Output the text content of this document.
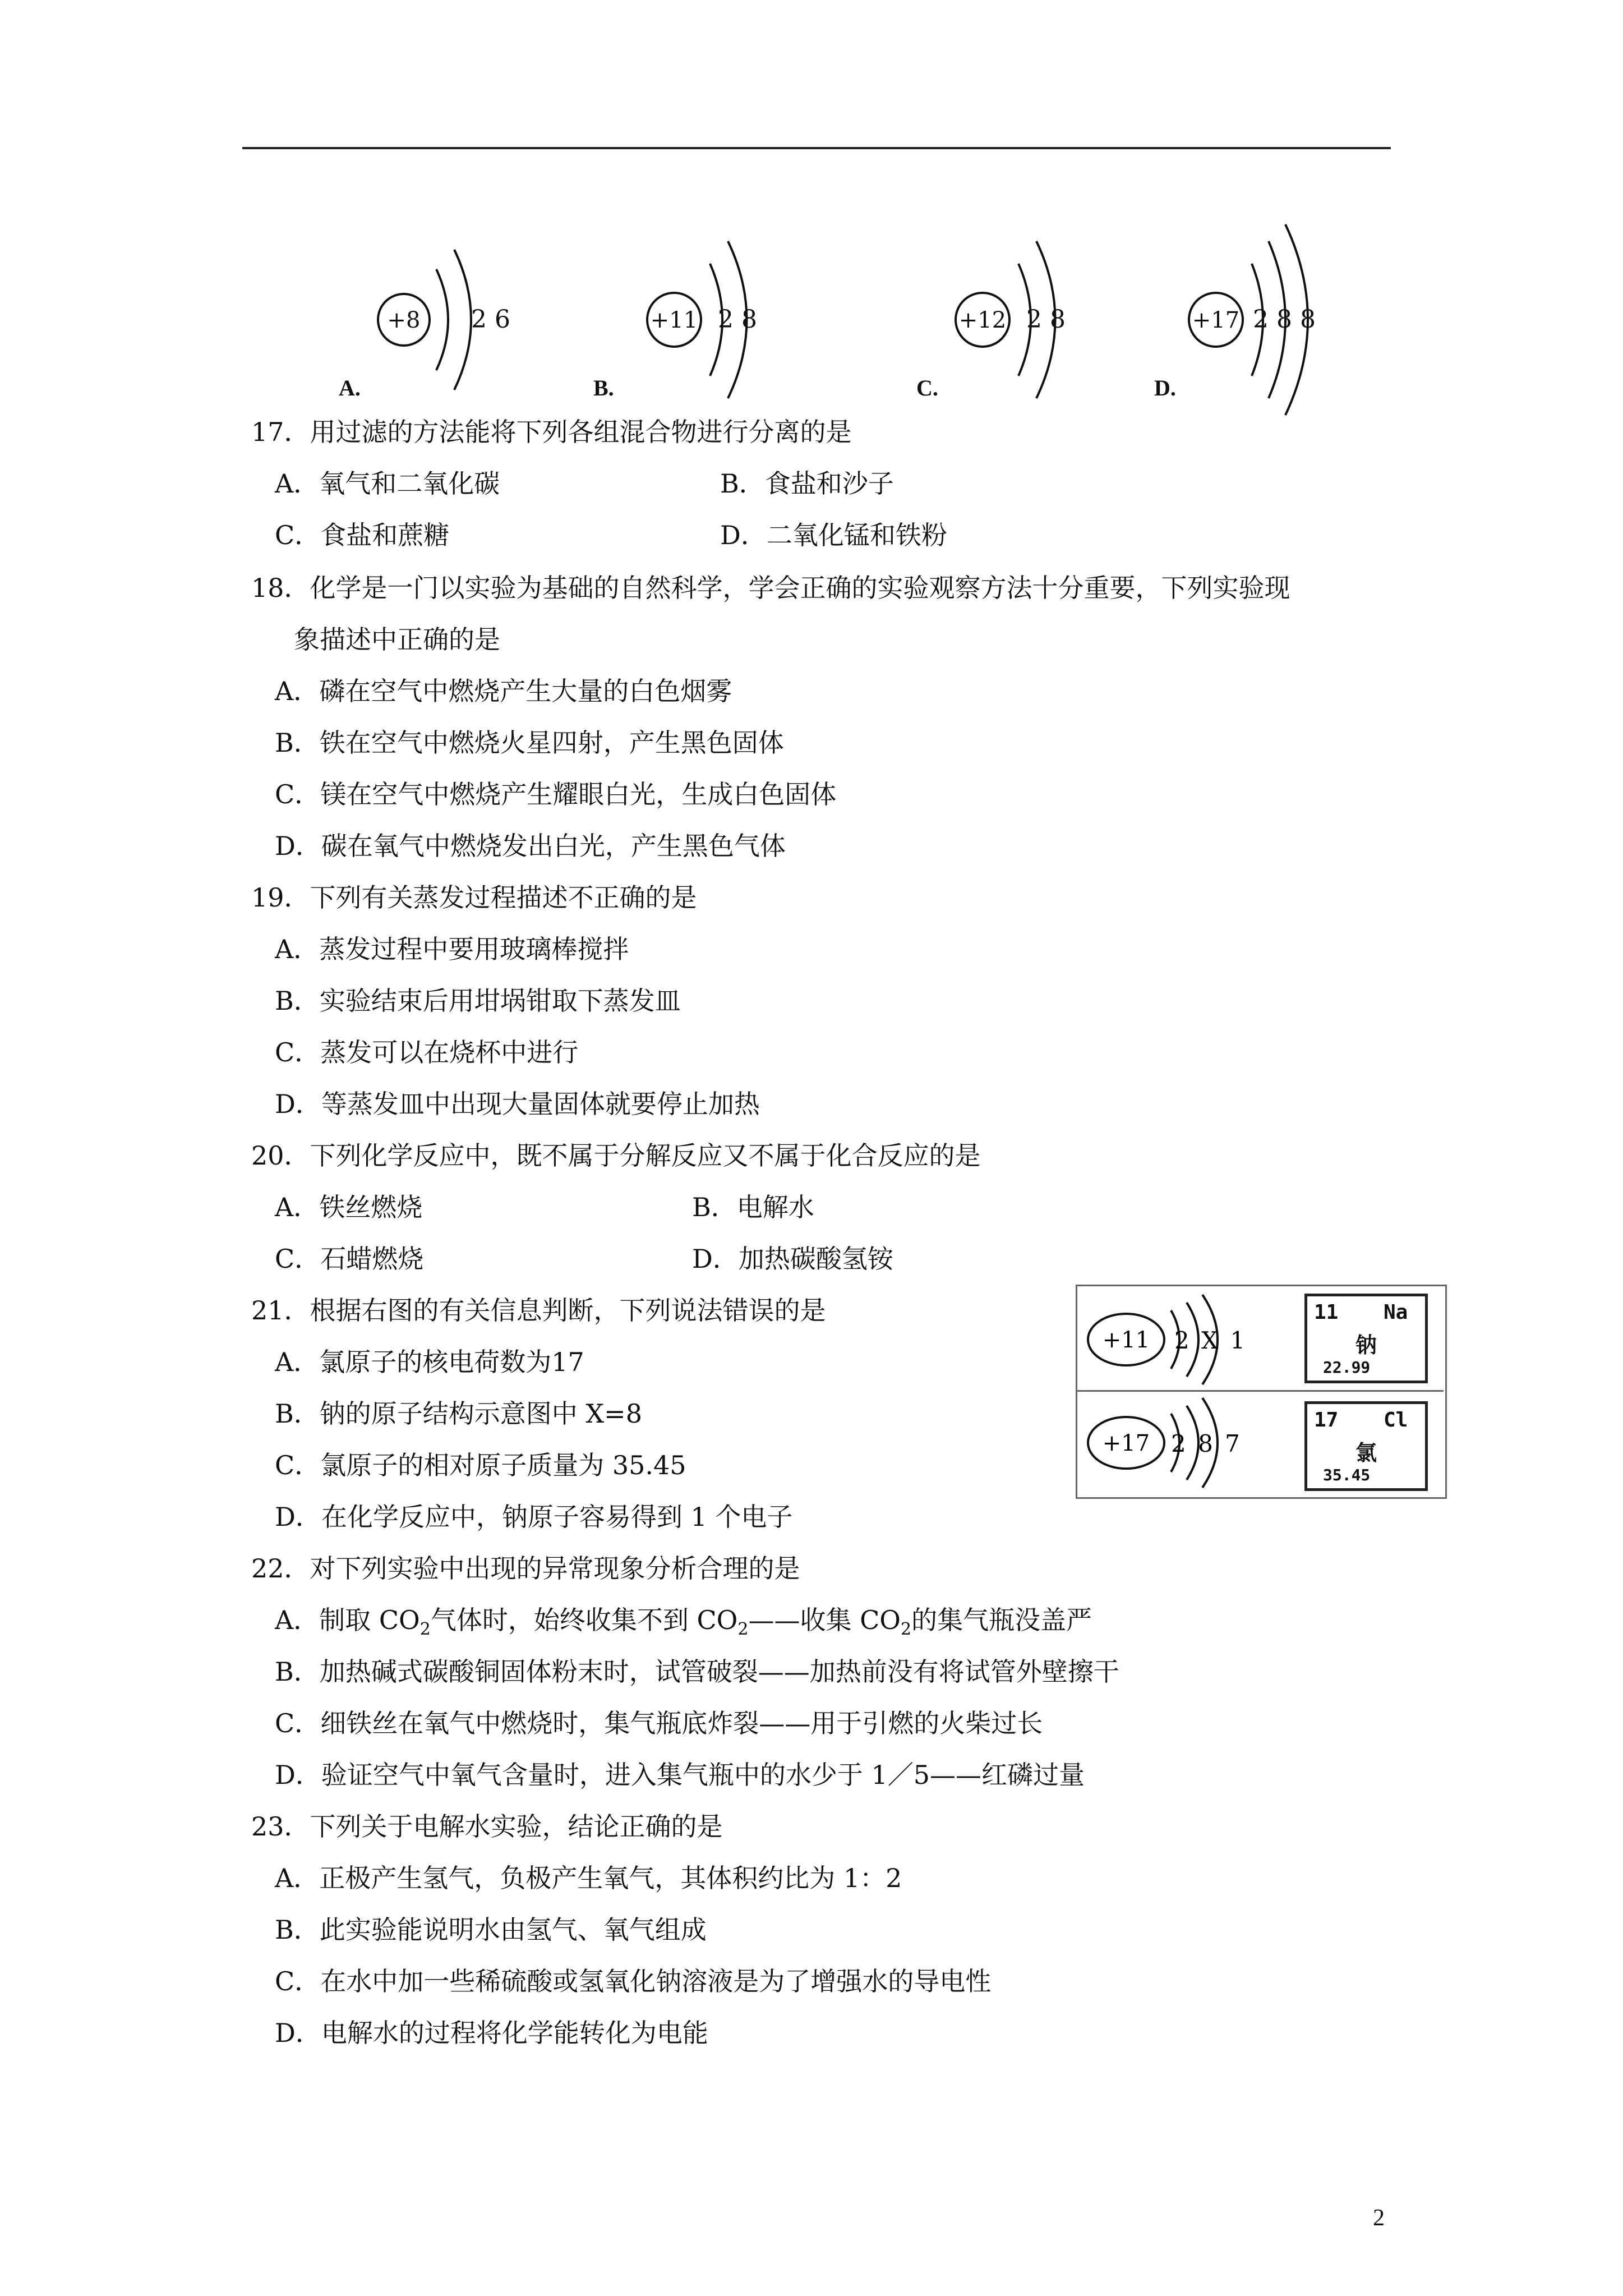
+8 2 6
A.
+11 2 8
B.
+12 2 8
C.
+17 2 8 8
D.
17．用过滤的方法能将下列各组混合物进行分离的是
A．氧气和二氧化碳	B．食盐和沙子
C．食盐和蔗糖	D．二氧化锰和铁粉
18．化学是一门以实验为基础的自然科学，学会正确的实验观察方法十分重要，下列实验现
象描述中正确的是
A．磷在空气中燃烧产生大量的白色烟雾
B．铁在空气中燃烧火星四射，产生黑色固体
C．镁在空气中燃烧产生耀眼白光，生成白色固体
D．碳在氧气中燃烧发出白光，产生黑色气体
19．下列有关蒸发过程描述不正确的是
A．蒸发过程中要用玻璃棒搅拌
B．实验结束后用坩埚钳取下蒸发皿
C．蒸发可以在烧杯中进行
D．等蒸发皿中出现大量固体就要停止加热
20．下列化学反应中，既不属于分解反应又不属于化合反应的是
A．铁丝燃烧	B．电解水
C．石蜡燃烧	D．加热碳酸氢铵
21．根据右图的有关信息判断，下列说法错误的是
A．氯原子的核电荷数为17
B．钠的原子结构示意图中 X=8
C．氯原子的相对原子质量为 35.45
D．在化学反应中，钠原子容易得到 1 个电子
+11 2 X 1
11 Na
钠
22.99
+17 2 8 7
17 Cl
氯
35.45
22．对下列实验中出现的异常现象分析合理的是
A．制取 $CO_2$气体时，始终收集不到 $CO_2——$收集 $CO_2$的集气瓶没盖严
B．加热碱式碳酸铜固体粉末时，试管破裂——加热前没有将试管外壁擦干
C．细铁丝在氧气中燃烧时，集气瓶底炸裂——用于引燃的火柴过长
D．验证空气中氧气含量时，进入集气瓶中的水少于 1／5——红磷过量
23．下列关于电解水实验，结论正确的是
A．正极产生氢气，负极产生氧气，其体积约比为 1：2
B．此实验能说明水由氢气、氧气组成
C．在水中加一些稀硫酸或氢氧化钠溶液是为了增强水的导电性
D．电解水的过程将化学能转化为电能
2
